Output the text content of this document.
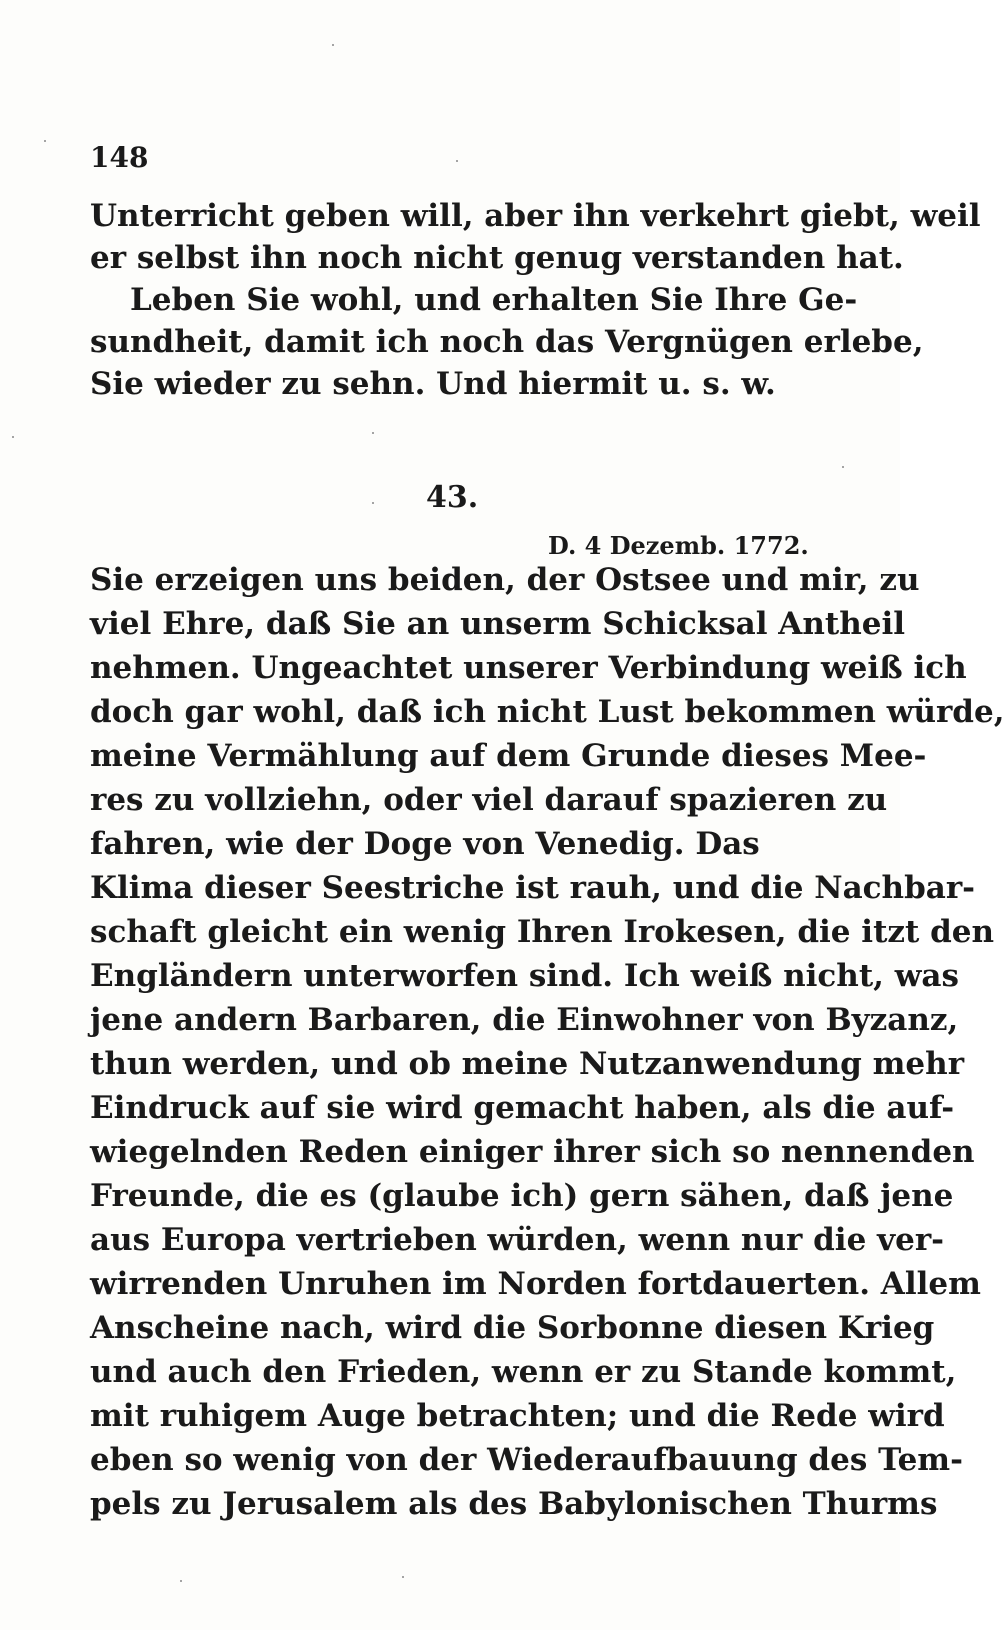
148
Unterricht geben will, aber ihn verkehrt giebt, weil
er selbst ihn noch nicht genug verstanden hat.
Leben Sie wohl, und erhalten Sie Ihre Ge-
sundheit, damit ich noch das Vergnügen erlebe,
Sie wieder zu sehn. Und hiermit u. s. w.
43.
D. 4 Dezemb. 1772.
Sie erzeigen uns beiden, der Ostsee und mir, zu
viel Ehre, daß Sie an unserm Schicksal Antheil
nehmen. Ungeachtet unserer Verbindung weiß ich
doch gar wohl, daß ich nicht Lust bekommen würde,
meine Vermählung auf dem Grunde dieses Mee-
res zu vollziehn, oder viel darauf spazieren zu
fahren, wie der Doge von Venedig. Das
Klima dieser Seestriche ist rauh, und die Nachbar-
schaft gleicht ein wenig Ihren Irokesen, die itzt den
Engländern unterworfen sind. Ich weiß nicht, was
jene andern Barbaren, die Einwohner von Byzanz,
thun werden, und ob meine Nutzanwendung mehr
Eindruck auf sie wird gemacht haben, als die auf-
wiegelnden Reden einiger ihrer sich so nennenden
Freunde, die es (glaube ich) gern sähen, daß jene
aus Europa vertrieben würden, wenn nur die ver-
wirrenden Unruhen im Norden fortdauerten. Allem
Anscheine nach, wird die Sorbonne diesen Krieg
und auch den Frieden, wenn er zu Stande kommt,
mit ruhigem Auge betrachten; und die Rede wird
eben so wenig von der Wiederaufbauung des Tem-
pels zu Jerusalem als des Babylonischen Thurms
